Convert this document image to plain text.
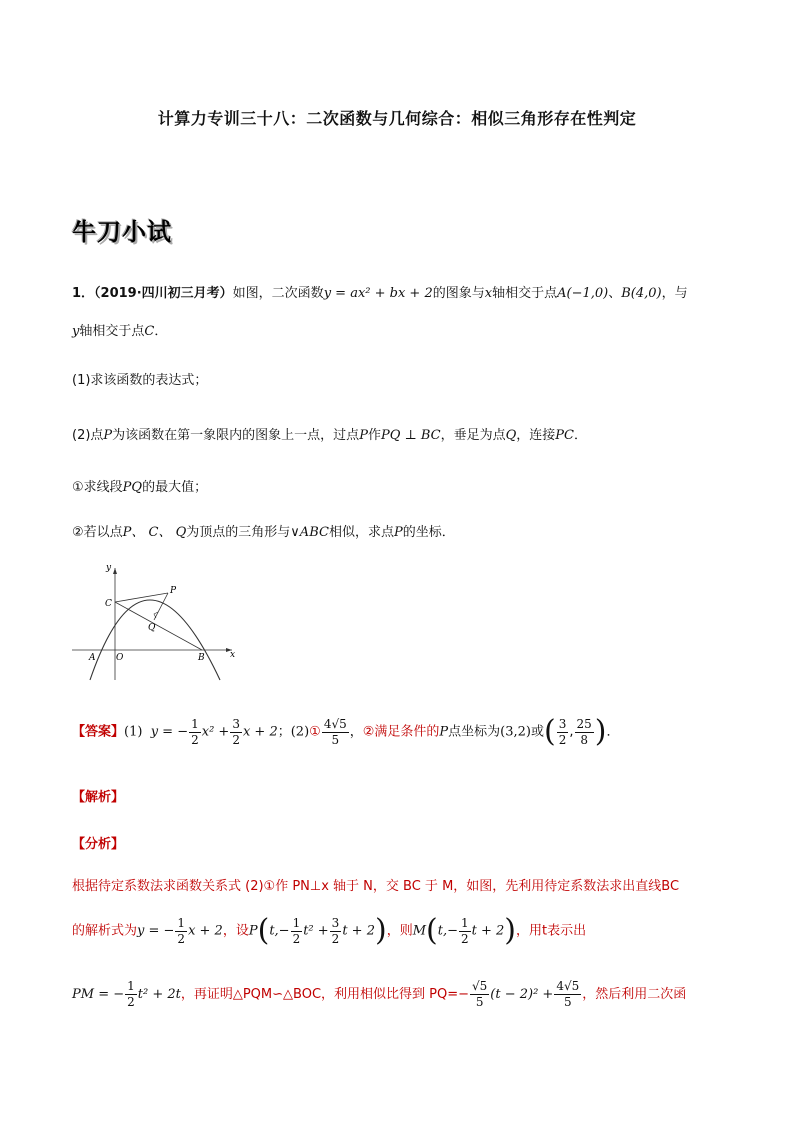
计算力专训三十八：二次函数与几何综合：相似三角形存在性判定
牛刀小试
1．（2019·四川初三月考）如图，二次函数y = ax² + bx + 2的图象与x轴相交于点A(−1,0)、B(4,0)，与
y轴相交于点C．
(1)求该函数的表达式；
(2)点P为该函数在第一象限内的图象上一点，过点P作PQ ⊥ BC，垂足为点Q，连接PC．
①求线段PQ的最大值；
②若以点P、 C、 Q为顶点的三角形与∨ABC相似，求点P的坐标．
y
x
C
P
Q
A O	B
【答案】(1) y = − $\frac{1}{2} x^2 + \frac{3}{2}$ x + 2；(2)① $\frac{4√5}{5}$ ，②满足条件的P点坐标为(3,2)或( $\frac{3}{2}$ , $\frac{25}{8}$ )．
【解析】
【分析】
根据待定系数法求函数关系式 (2)①作 PN⊥x 轴于 N，交 BC 于 M，如图，先利用待定系数法求出直线BC
的解析式为y = − $\frac{1}{2}$ x + 2，设$P(t,- \frac{1}{2} t^2 + \frac{3}{2}$ t + 2)，则$M(t,- \frac{1}{2}$ t + 2)，用t表示出
PM = − $\frac{1}{2} t^2 + 2t$，再证明△PQM∽△BOC，利用相似比得到 $PQ=- \frac{√5}{5} (t - 2)^2 + \frac{4√5}{5}$ ，然后利用二次函
